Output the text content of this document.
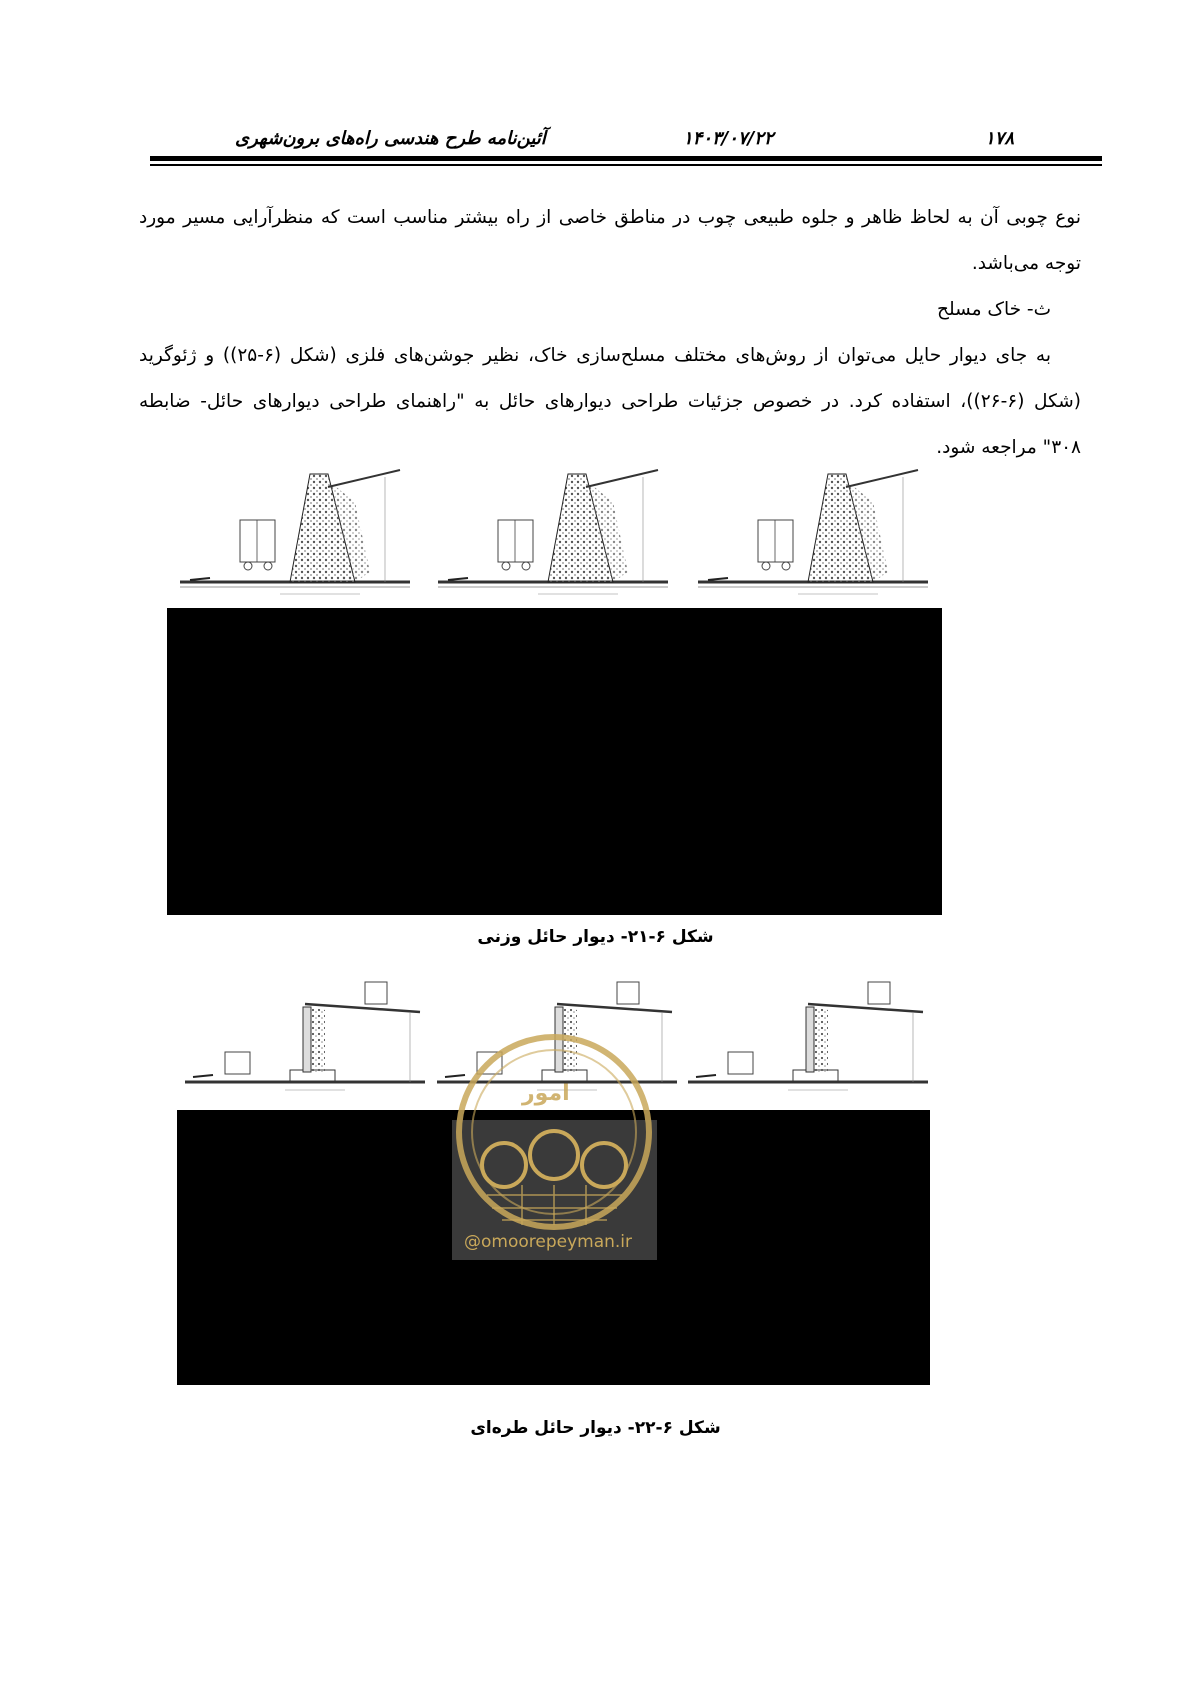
۱۷۸
۱۴۰۳/۰۷/۲۲
آئین‌نامه طرح هندسی راه‌های برون‌شهری
نوع چوبی آن به لحاظ ظاهر و جلوه طبیعی چوب در مناطق خاصی از راه بیشتر مناسب است که منظرآرایی مسیر مورد
توجه می‌باشد.
ث- خاک مسلح
به جای دیوار حایل می‌توان از روش‌های مختلف مسلح‌سازی خاک، نظیر جوشن‌های فلزی (شکل (۶-۲۵)) و ژئوگرید
(شکل (۶-۲۶))، استفاده کرد. در خصوص جزئیات طراحی دیوارهای حائل به "راهنمای طراحی دیوارهای حائل- ضابطه
۳۰۸" مراجعه شود.
شکل ۶-۲۱- دیوار حائل وزنی
امور
@omoorepeyman.ir
شکل ۶-۲۲- دیوار حائل طره‌ای
